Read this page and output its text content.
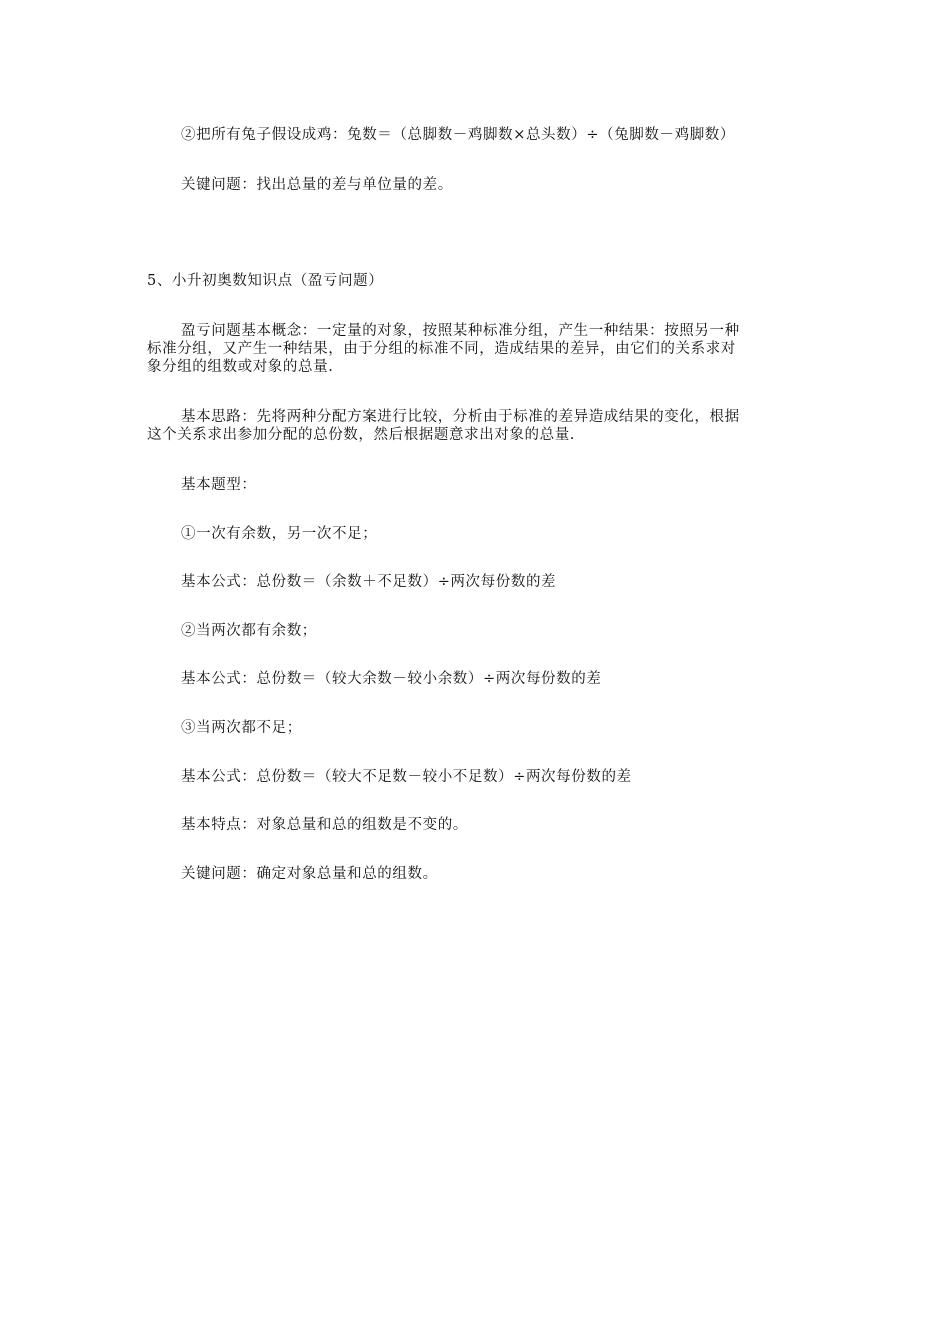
②把所有兔子假设成鸡：兔数＝（总脚数－鸡脚数×总头数）÷（兔脚数－鸡脚数）
关键问题：找出总量的差与单位量的差。
5、小升初奥数知识点（盈亏问题）
盈亏问题基本概念：一定量的对象，按照某种标准分组，产生一种结果：按照另一种
标准分组，又产生一种结果，由于分组的标准不同，造成结果的差异，由它们的关系求对
象分组的组数或对象的总量.
基本思路：先将两种分配方案进行比较，分析由于标准的差异造成结果的变化，根据
这个关系求出参加分配的总份数，然后根据题意求出对象的总量.
基本题型：
①一次有余数，另一次不足；
基本公式：总份数＝（余数＋不足数）÷两次每份数的差
②当两次都有余数；
基本公式：总份数＝（较大余数－较小余数）÷两次每份数的差
③当两次都不足；
基本公式：总份数＝（较大不足数－较小不足数）÷两次每份数的差
基本特点：对象总量和总的组数是不变的。
关键问题：确定对象总量和总的组数。
